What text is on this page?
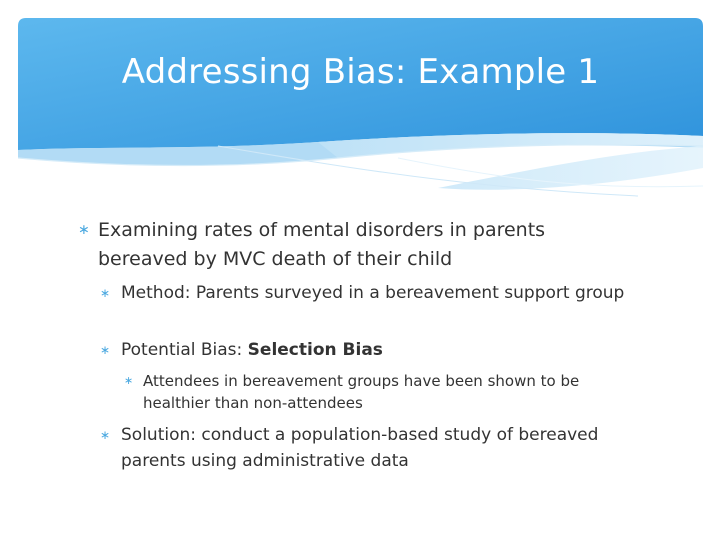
Addressing Bias: Example 1
∗ Examining rates of mental disorders in parents bereaved by MVC death of their child
∗ Method: Parents surveyed in a bereavement support group
∗ Potential Bias: Selection Bias
∗ Attendees in bereavement groups have been shown to be healthier than non-attendees
∗ Solution: conduct a population-based study of bereaved parents using administrative data
